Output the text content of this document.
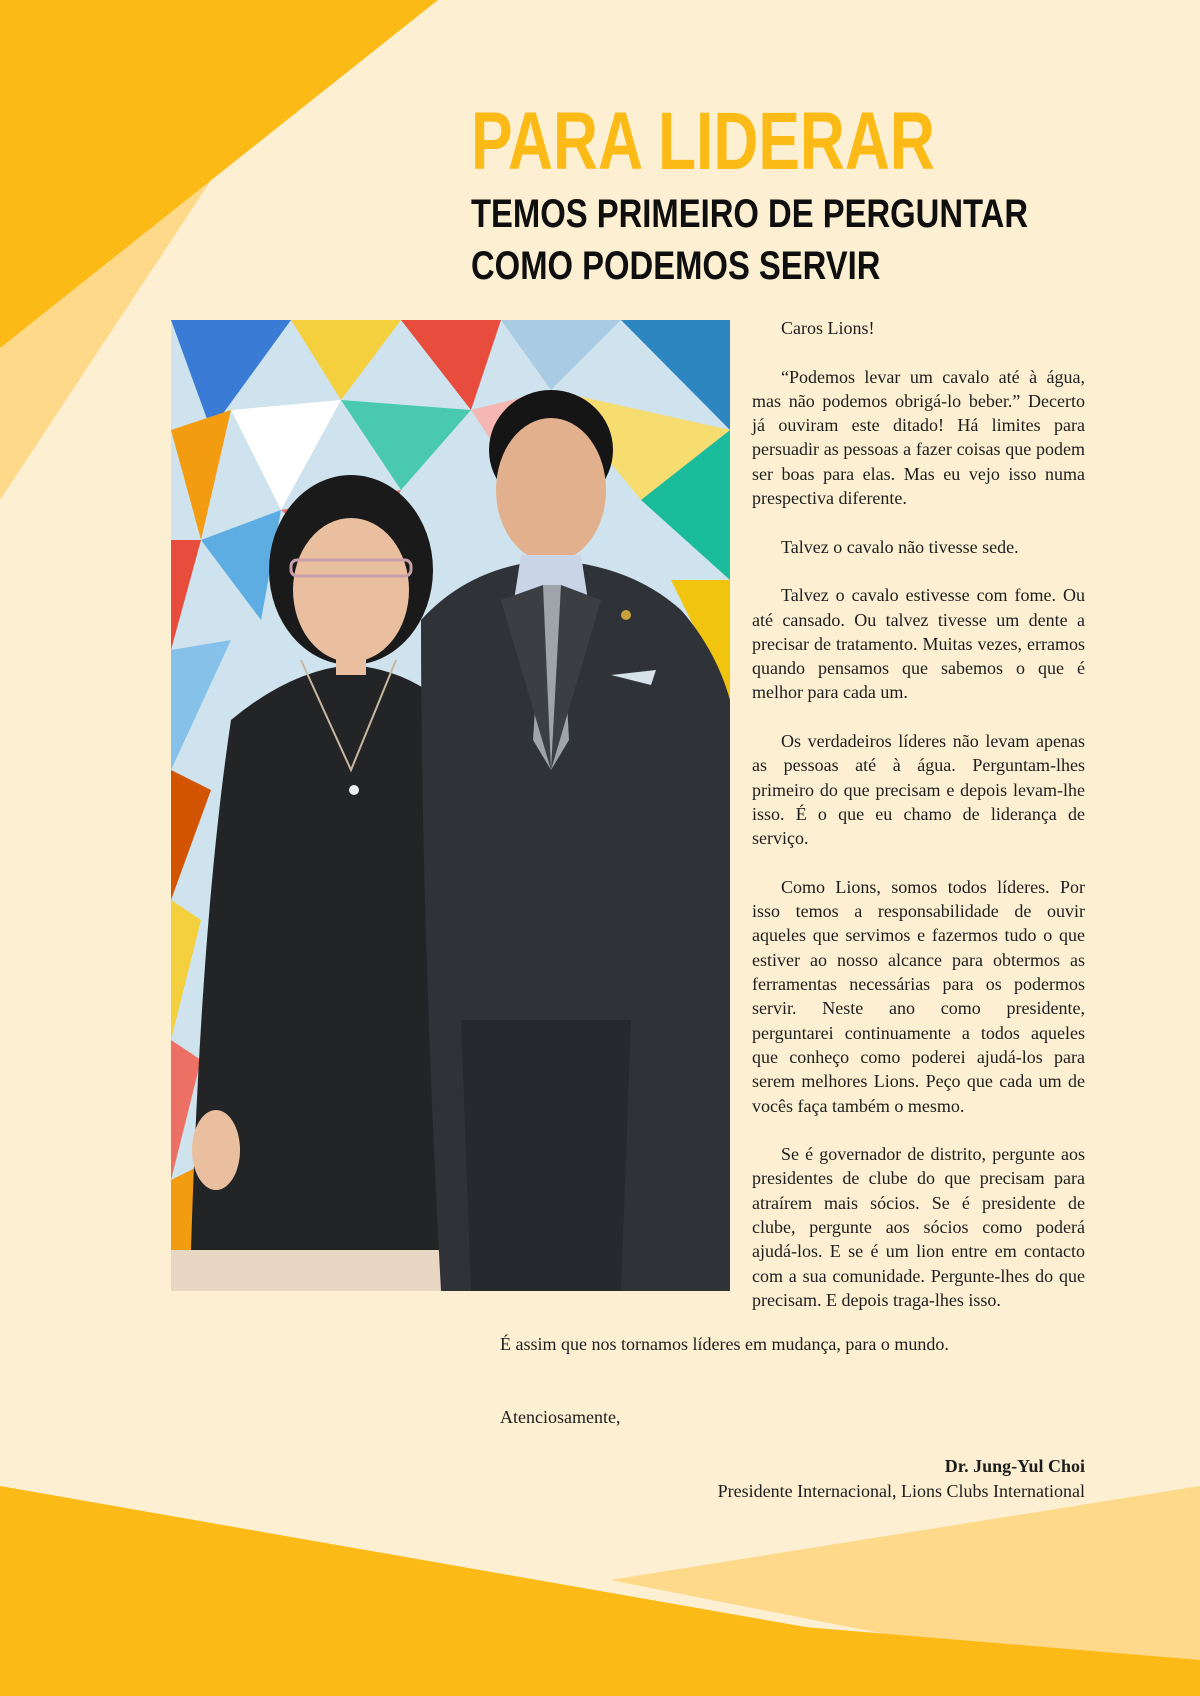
PARA LIDERAR
TEMOS PRIMEIRO DE PERGUNTAR
COMO PODEMOS SERVIR

Caros Lions!

“Podemos levar um cavalo até à água, mas não podemos obrigá-lo beber.” Decerto já ouviram este ditado! Há limites para persuadir as pessoas a fazer coisas que podem ser boas para elas. Mas eu vejo isso numa prespectiva diferente.

Talvez o cavalo não tivesse sede.

Talvez o cavalo estivesse com fome. Ou até cansado. Ou talvez tivesse um dente a precisar de tratamento. Muitas vezes, erramos quando pensamos que sabemos o que é melhor para cada um.

Os verdadeiros líderes não levam apenas as pessoas até à água. Perguntam-lhes primeiro do que precisam e depois levam-lhe isso. É o que eu chamo de liderança de serviço.

Como Lions, somos todos líderes. Por isso temos a responsabilidade de ouvir aqueles que servimos e fazermos tudo o que estiver ao nosso alcance para obtermos as ferramentas necessárias para os podermos servir. Neste ano como presidente, perguntarei continuamente a todos aqueles que conheço como poderei ajudá-los para serem melhores Lions. Peço que cada um de vocês faça também o mesmo.

Se é governador de distrito, pergunte aos presidentes de clube do que precisam para atraírem mais sócios. Se é presidente de clube, pergunte aos sócios como poderá ajudá-los. E se é um lion entre em contacto com a sua comunidade. Pergunte-lhes do que precisam. E depois traga-lhes isso.

É assim que nos tornamos líderes em mudança, para o mundo.

Atenciosamente,
Dr. Jung-Yul Choi
Presidente Internacional, Lions Clubs International
